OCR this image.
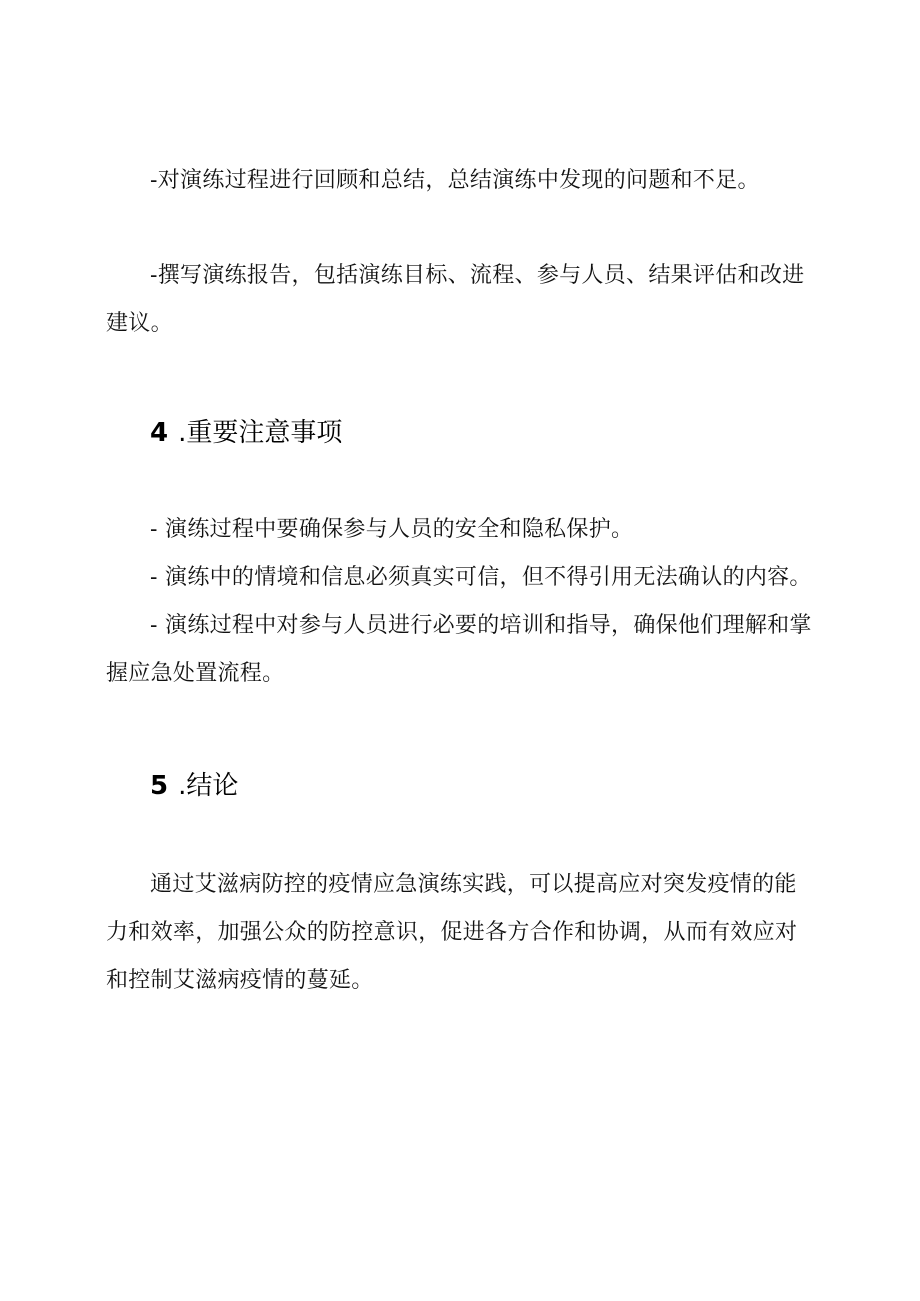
-对演练过程进行回顾和总结，总结演练中发现的问题和不足。

-撰写演练报告，包括演练目标、流程、参与人员、结果评估和改进建议。

4 .重要注意事项

- 演练过程中要确保参与人员的安全和隐私保护。

- 演练中的情境和信息必须真实可信，但不得引用无法确认的内容。

- 演练过程中对参与人员进行必要的培训和指导，确保他们理解和掌握应急处置流程。

5 .结论

通过艾滋病防控的疫情应急演练实践，可以提高应对突发疫情的能力和效率，加强公众的防控意识，促进各方合作和协调，从而有效应对和控制艾滋病疫情的蔓延。
